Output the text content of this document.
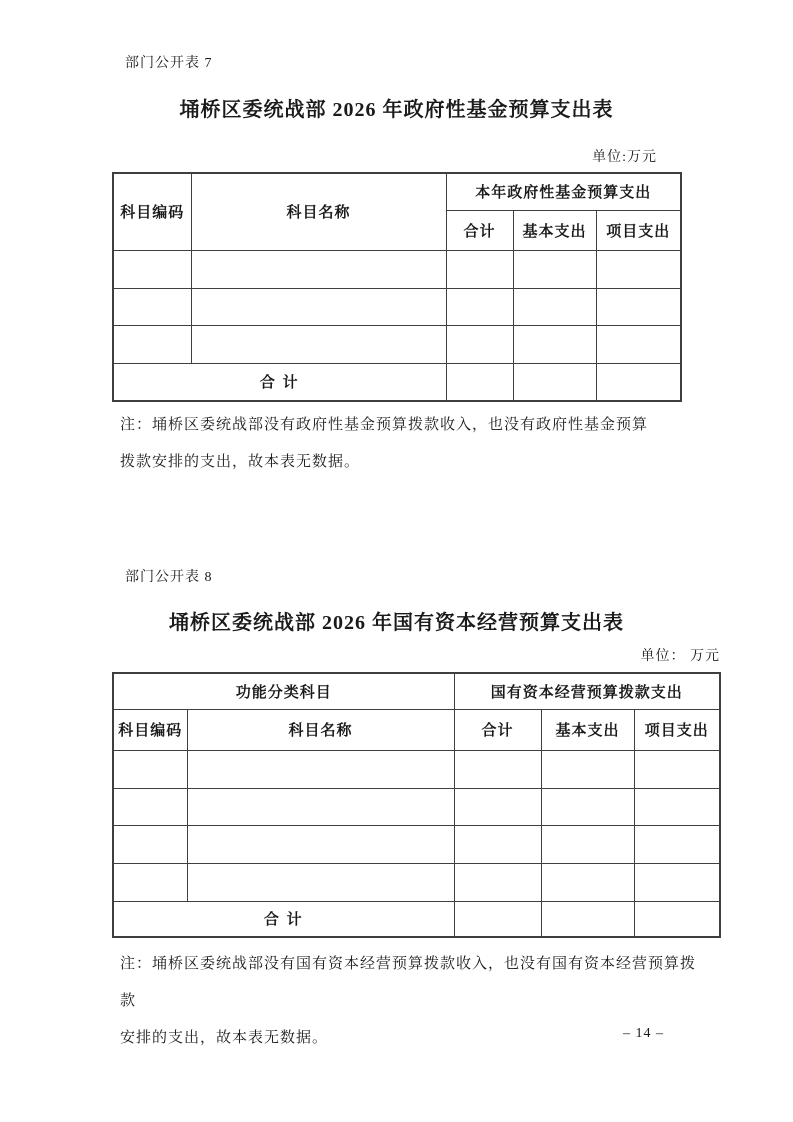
部门公开表 7
埇桥区委统战部 2026 年政府性基金预算支出表
单位:万元
科目编码	科目名称	本年政府性基金预算支出		
		合计	基本支出	项目支出

合 计				
注：埇桥区委统战部没有政府性基金预算拨款收入，也没有政府性基金预算
拨款安排的支出，故本表无数据。
部门公开表 8
埇桥区委统战部 2026 年国有资本经营预算支出表
单位： 万元
功能分类科目		国有资本经营预算拨款支出		
科目编码	科目名称	合计	基本支出	项目支出

合 计				
注：埇桥区委统战部没有国有资本经营预算拨款收入，也没有国有资本经营预算拨款
安排的支出，故本表无数据。	– 14 –
